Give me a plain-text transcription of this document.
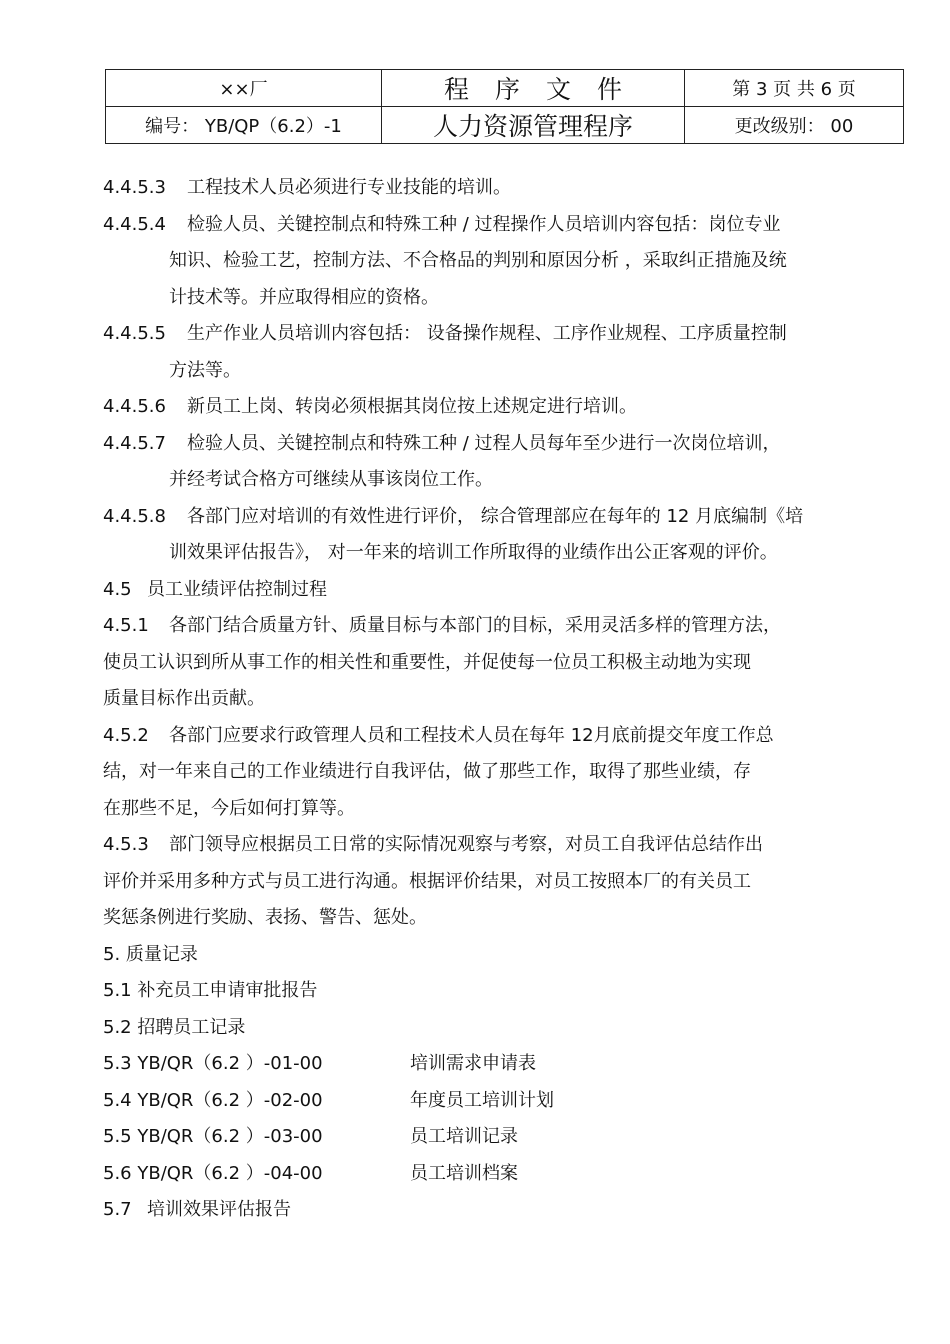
××厂	程序文件	第 3 页 共 6 页
编号： YB/QP（6.2）-1	人力资源管理程序	更改级别： 00
4.4.5.3 工程技术人员必须进行专业技能的培训。
4.4.5.4 检验人员、关键控制点和特殊工种 / 过程操作人员培训内容包括：岗位专业
知识、检验工艺，控制方法、不合格品的判别和原因分析 ，采取纠正措施及统
计技术等。并应取得相应的资格。
4.4.5.5 生产作业人员培训内容包括： 设备操作规程、工序作业规程、工序质量控制
方法等。
4.4.5.6 新员工上岗、转岗必须根据其岗位按上述规定进行培训。
4.4.5.7 检验人员、关键控制点和特殊工种 / 过程人员每年至少进行一次岗位培训，
并经考试合格方可继续从事该岗位工作。
4.4.5.8 各部门应对培训的有效性进行评价， 综合管理部应在每年的 12 月底编制《培
训效果评估报告》， 对一年来的培训工作所取得的业绩作出公正客观的评价。
4.5 员工业绩评估控制过程
4.5.1 各部门结合质量方针、质量目标与本部门的目标，采用灵活多样的管理方法，
使员工认识到所从事工作的相关性和重要性，并促使每一位员工积极主动地为实现
质量目标作出贡献。
4.5.2 各部门应要求行政管理人员和工程技术人员在每年 12月底前提交年度工作总
结，对一年来自己的工作业绩进行自我评估，做了那些工作，取得了那些业绩，存
在那些不足，今后如何打算等。
4.5.3 部门领导应根据员工日常的实际情况观察与考察，对员工自我评估总结作出
评价并采用多种方式与员工进行沟通。根据评价结果，对员工按照本厂的有关员工
奖惩条例进行奖励、表扬、警告、惩处。
5. 质量记录
5.1 补充员工申请审批报告
5.2 招聘员工记录
5.3 YB/QR（6.2 ）-01-00	培训需求申请表
5.4 YB/QR（6.2 ）-02-00	年度员工培训计划
5.5 YB/QR（6.2 ）-03-00	员工培训记录
5.6 YB/QR（6.2 ）-04-00	员工培训档案
5.7 培训效果评估报告
